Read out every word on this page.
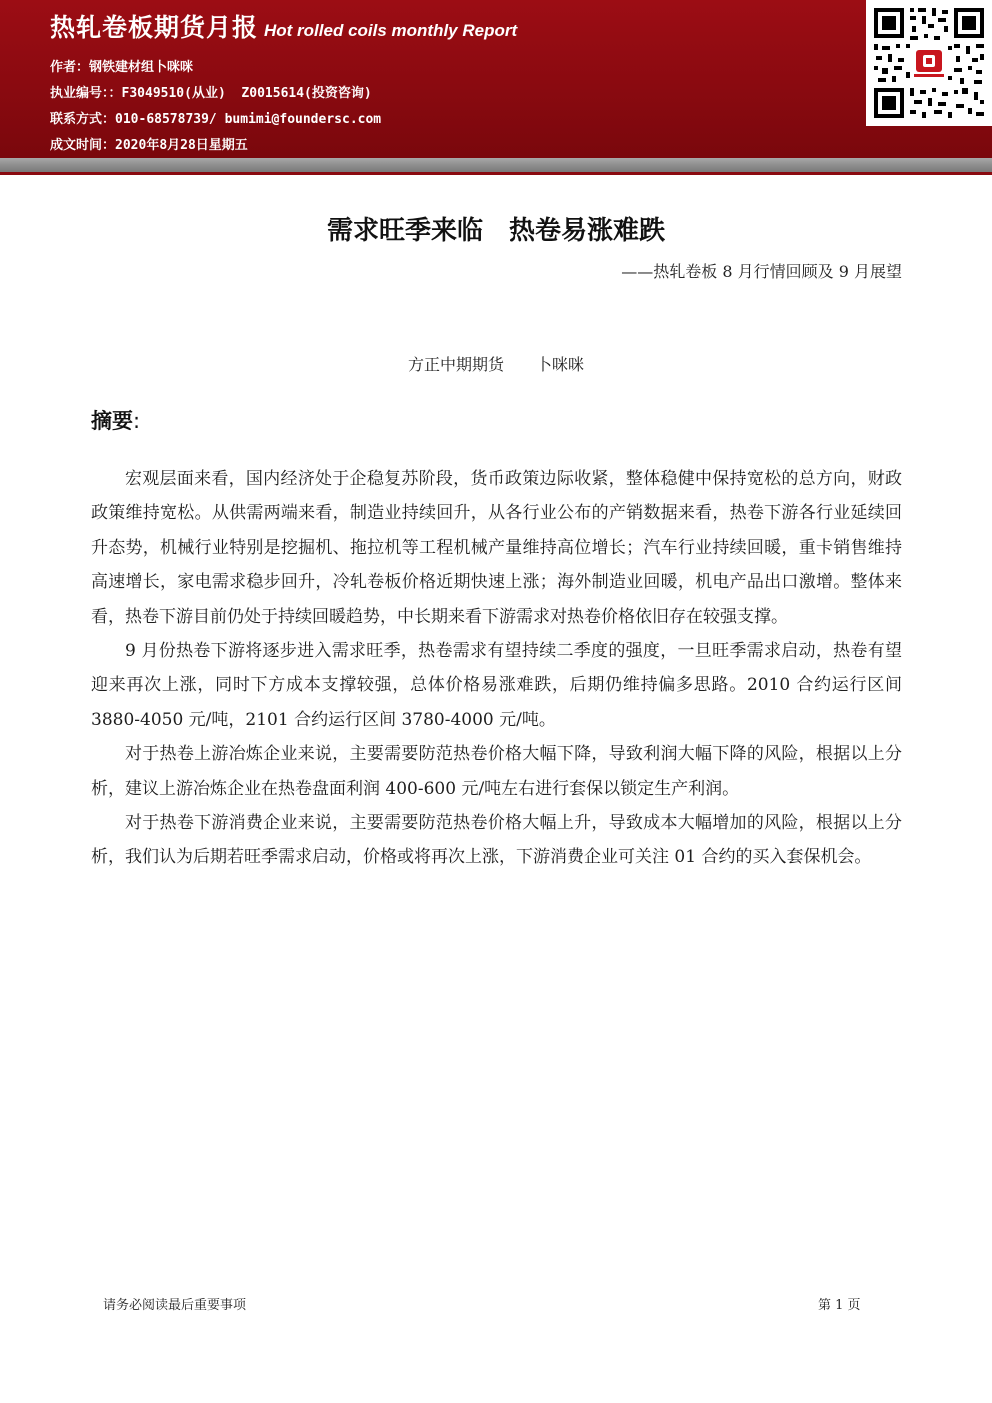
热轧卷板期货月报 Hot rolled coils monthly Report
作者：钢铁建材组卜咪咪
执业编号：：F3049510(从业)  Z0015614(投资咨询)
联系方式：010-68578739/ bumimi@foundersc.com
成文时间：2020年8月28日星期五
需求旺季来临　热卷易涨难跌
——热轧卷板 8 月行情回顾及 9 月展望
方正中期期货　　卜咪咪
摘要:

宏观层面来看，国内经济处于企稳复苏阶段，货币政策边际收紧，整体稳健中保持宽松的总方向，财政政策维持宽松。从供需两端来看，制造业持续回升，从各行业公布的产销数据来看，热卷下游各行业延续回升态势，机械行业特别是挖掘机、拖拉机等工程机械产量维持高位增长；汽车行业持续回暖，重卡销售维持高速增长，家电需求稳步回升，冷轧卷板价格近期快速上涨；海外制造业回暖，机电产品出口激增。整体来看，热卷下游目前仍处于持续回暖趋势，中长期来看下游需求对热卷价格依旧存在较强支撑。

9 月份热卷下游将逐步进入需求旺季，热卷需求有望持续二季度的强度，一旦旺季需求启动，热卷有望迎来再次上涨，同时下方成本支撑较强，总体价格易涨难跌，后期仍维持偏多思路。2010 合约运行区间 3880-4050 元/吨，2101 合约运行区间 3780-4000 元/吨。

对于热卷上游冶炼企业来说，主要需要防范热卷价格大幅下降，导致利润大幅下降的风险，根据以上分析，建议上游冶炼企业在热卷盘面利润 400-600 元/吨左右进行套保以锁定生产利润。

对于热卷下游消费企业来说，主要需要防范热卷价格大幅上升，导致成本大幅增加的风险，根据以上分析，我们认为后期若旺季需求启动，价格或将再次上涨，下游消费企业可关注 01 合约的买入套保机会。

请务必阅读最后重要事项	第 1 页
